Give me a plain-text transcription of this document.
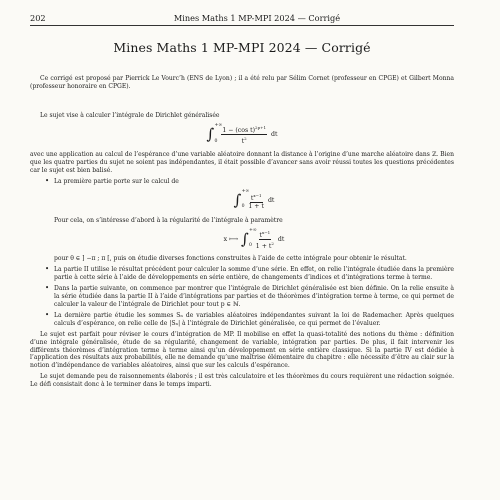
202	Mines Maths 1 MP-MPI 2024 — Corrigé
Mines Maths 1 MP-MPI 2024 — Corrigé

Ce corrigé est proposé par Pierrick Le Vourc’h (ENS de Lyon) ; il a été relu par Sélim Cornet (professeur en CPGE) et Gilbert Monna (professeur honoraire en CPGE).

Le sujet vise à calculer l’intégrale de Dirichlet généralisée

∫ +∞
$0 \frac{1 - (\cos t)^{2p+1}}{t^2}$ dt

avec une application au calcul de l’espérance d’une variable aléatoire donnant la distance à l’origine d’une marche aléatoire dans ℤ. Bien que les quatre parties du sujet ne soient pas indépendantes, il était possible d’avancer sans avoir réussi toutes les questions précédentes car le sujet est bien balisé.

• La première partie porte sur le calcul de

∫ +∞
$0 \frac{t^{x-1}}{1 + t}$ dt

Pour cela, on s’intéresse d’abord à la régularité de l’intégrale à paramètre

x ⟼ ∫ +∞
$0 \frac{t^{x-1}}{1 + t^2}$ dt

pour θ ∈ ] −π ; π [, puis on étudie diverses fonctions construites à l’aide de cette intégrale pour obtenir le résultat.

• La partie II utilise le résultat précédent pour calculer la somme d’une série. En effet, on relie l’intégrale étudiée dans la première partie à cette série à l’aide de développements en série entière, de changements d’indices et d’intégrations terme à terme.
• Dans la partie suivante, on commence par montrer que l’intégrale de Dirichlet généralisée est bien définie. On la relie ensuite à la série étudiée dans la partie II à l’aide d’intégrations par parties et de théorèmes d’intégration terme à terme, ce qui permet de calculer la valeur de l’intégrale de Dirichlet pour tout p ∈ ℕ.
• La dernière partie étudie les sommes Sₙ de variables aléatoires indépendantes suivant la loi de Rademacher. Après quelques calculs d’espérance, on relie celle de |Sₙ| à l’intégrale de Dirichlet généralisée, ce qui permet de l’évaluer.

Le sujet est parfait pour réviser le cours d’intégration de MP. Il mobilise en effet la quasi-totalité des notions du thème : définition d’une intégrale généralisée, étude de sa régularité, changement de variable, intégration par parties. De plus, il fait intervenir les différents théorèmes d’intégration terme à terme ainsi qu’un développement en série entière classique. Si la partie IV est dédiée à l’application des résultats aux probabilités, elle ne demande qu’une maîtrise élémentaire du chapitre : elle nécessite d’être au clair sur la notion d’indépendance de variables aléatoires, ainsi que sur les calculs d’espérance.

Le sujet demande peu de raisonnements élaborés ; il est très calculatoire et les théorèmes du cours requièrent une rédaction soignée. Le défi consistait donc à le terminer dans le temps imparti.
